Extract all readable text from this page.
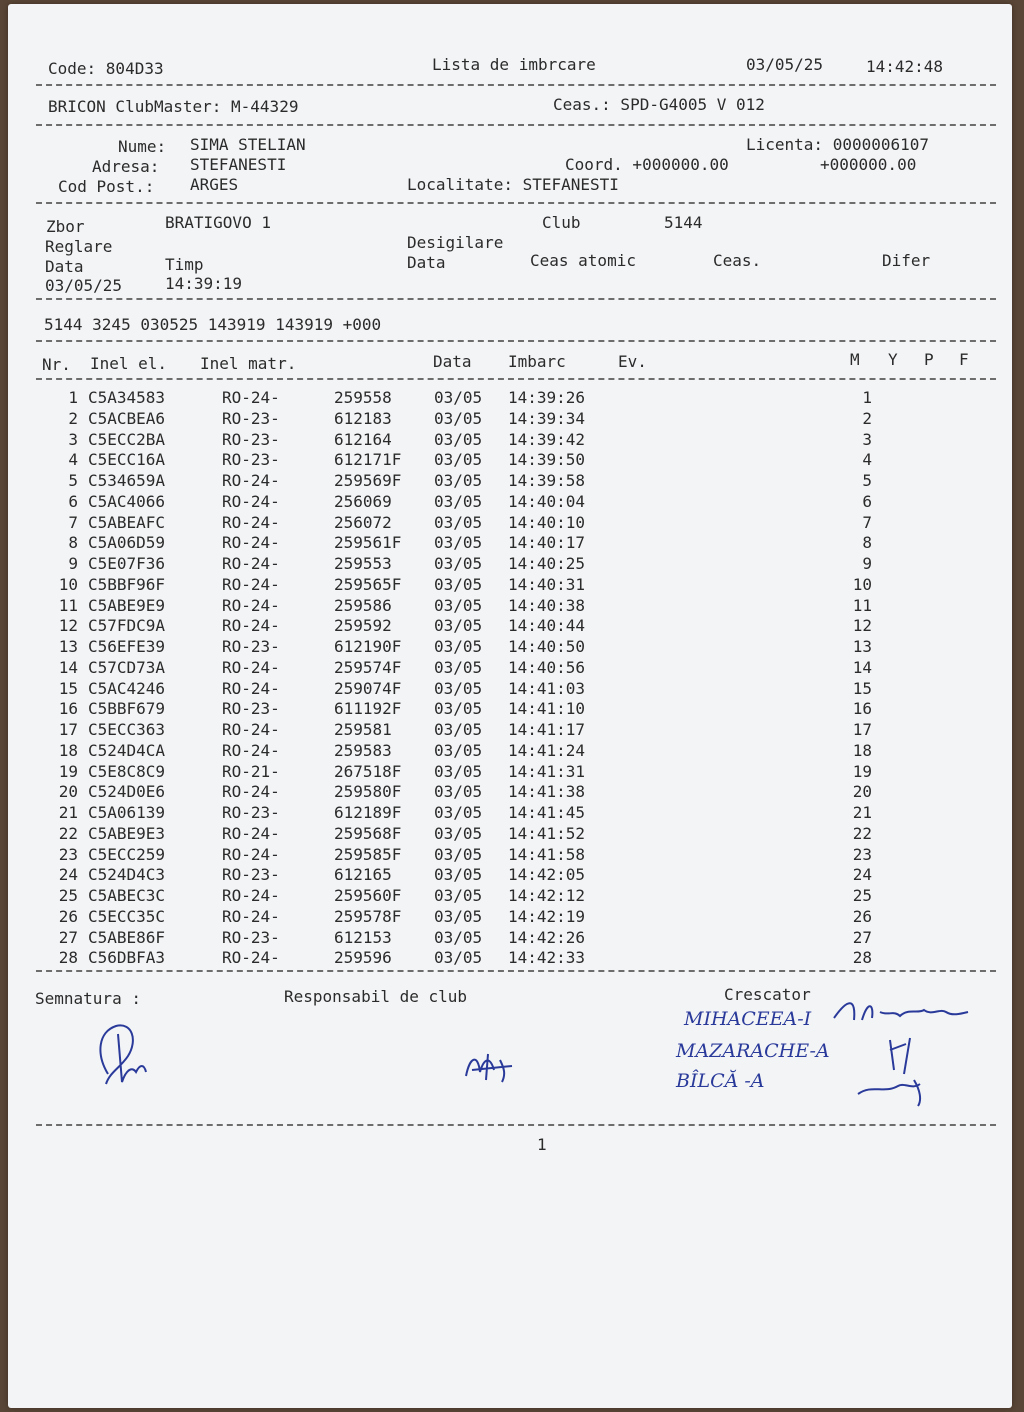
Code: 804D33	Lista de imbrcare	03/05/25	14:42:48
BRICON ClubMaster: M-44329	Ceas.: SPD-G4005 V 012
Nume: SIMA STELIAN	Licenta: 0000006107
Adresa: STEFANESTI	Coord. +000000.00	+000000.00
Cod Post.: ARGES	Localitate: STEFANESTI
Zbor	BRATIGOVO 1	Club	5144
Reglare	Desigilare
Data	Timp	Data	Ceas atomic	Ceas.	Difer
03/05/25	14:39:19
5144 3245 030525 143919 143919 +000
Nr. Inel el. Inel matr.	Data Imbarc	Ev.	M Y P F
1 C5A34583	RO-24-	259558	03/05 14:39:26	1
2 C5ACBEA6	RO-23-	612183	03/05 14:39:34	2
3 C5ECC2BA	RO-23-	612164	03/05 14:39:42	3
4 C5ECC16A	RO-23-	612171F 03/05 14:39:50	4
5 C534659A	RO-24-	259569F 03/05 14:39:58	5
6 C5AC4066	RO-24-	256069	03/05 14:40:04	6
7 C5ABEAFC	RO-24-	256072	03/05 14:40:10	7
8 C5A06D59	RO-24-	259561F 03/05 14:40:17	8
9 C5E07F36	RO-24-	259553	03/05 14:40:25	9
10 C5BBF96F	RO-24-	259565F 03/05 14:40:31	10
11 C5ABE9E9	RO-24-	259586	03/05 14:40:38	11
12 C57FDC9A	RO-24-	259592	03/05 14:40:44	12
13 C56EFE39	RO-23-	612190F 03/05 14:40:50	13
14 C57CD73A	RO-24-	259574F 03/05 14:40:56	14
15 C5AC4246	RO-24-	259074F 03/05 14:41:03	15
16 C5BBF679	RO-23-	611192F 03/05 14:41:10	16
17 C5ECC363	RO-24-	259581	03/05 14:41:17	17
18 C524D4CA	RO-24-	259583	03/05 14:41:24	18
19 C5E8C8C9	RO-21-	267518F 03/05 14:41:31	19
20 C524D0E6	RO-24-	259580F 03/05 14:41:38	20
21 C5A06139	RO-23-	612189F 03/05 14:41:45	21
22 C5ABE9E3	RO-24-	259568F 03/05 14:41:52	22
23 C5ECC259	RO-24-	259585F 03/05 14:41:58	23
24 C524D4C3	RO-23-	612165	03/05 14:42:05	24
25 C5ABEC3C	RO-24-	259560F 03/05 14:42:12	25
26 C5ECC35C	RO-24-	259578F 03/05 14:42:19	26
27 C5ABE86F	RO-23-	612153	03/05 14:42:26	27
28 C56DBFA3	RO-24-	259596	03/05 14:42:33	28
Semnatura :	Responsabil de club	Crescator
MIHACEEA-I
MAZARACHE-A
BÎLCĂ -A
1
